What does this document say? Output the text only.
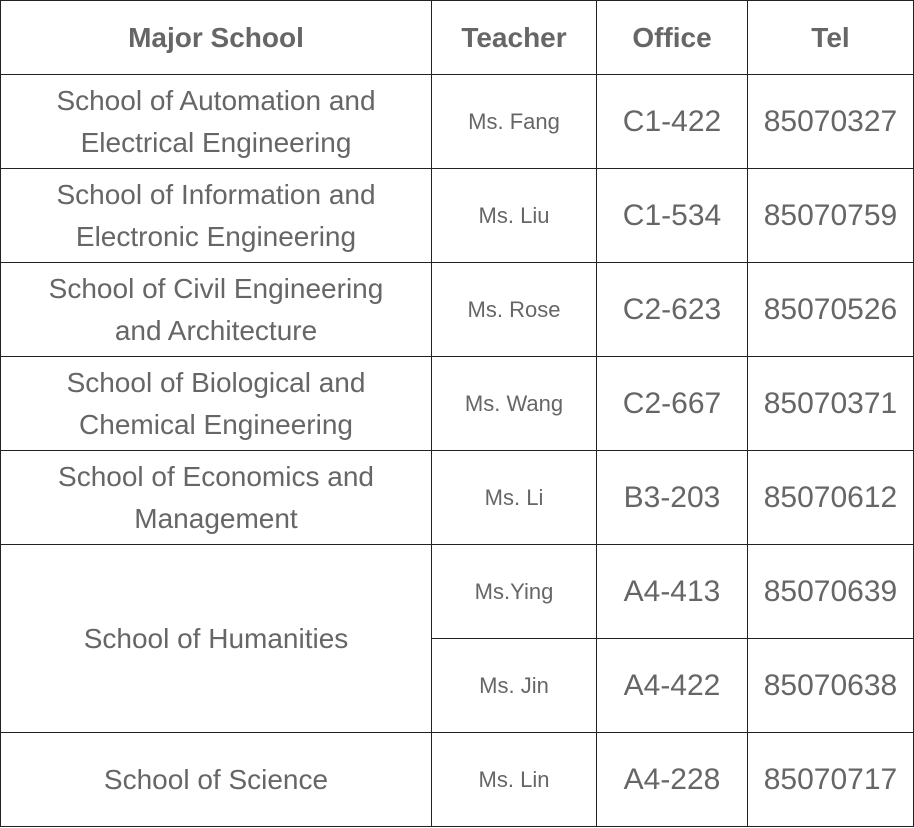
Major School	Teacher	Office	Tel
School of Automation and
Electrical Engineering	Ms. Fang	C1-422	85070327
School of Information and
Electronic Engineering	Ms. Liu	C1-534	85070759
School of Civil Engineering
and Architecture	Ms. Rose	C2-623	85070526
School of Biological and
Chemical Engineering	Ms. Wang	C2-667	85070371
School of Economics and
Management	Ms. Li	B3-203	85070612
School of Humanities	Ms.Ying	A4-413	85070639
	Ms. Jin	A4-422	85070638
School of Science	Ms. Lin	A4-228	85070717
